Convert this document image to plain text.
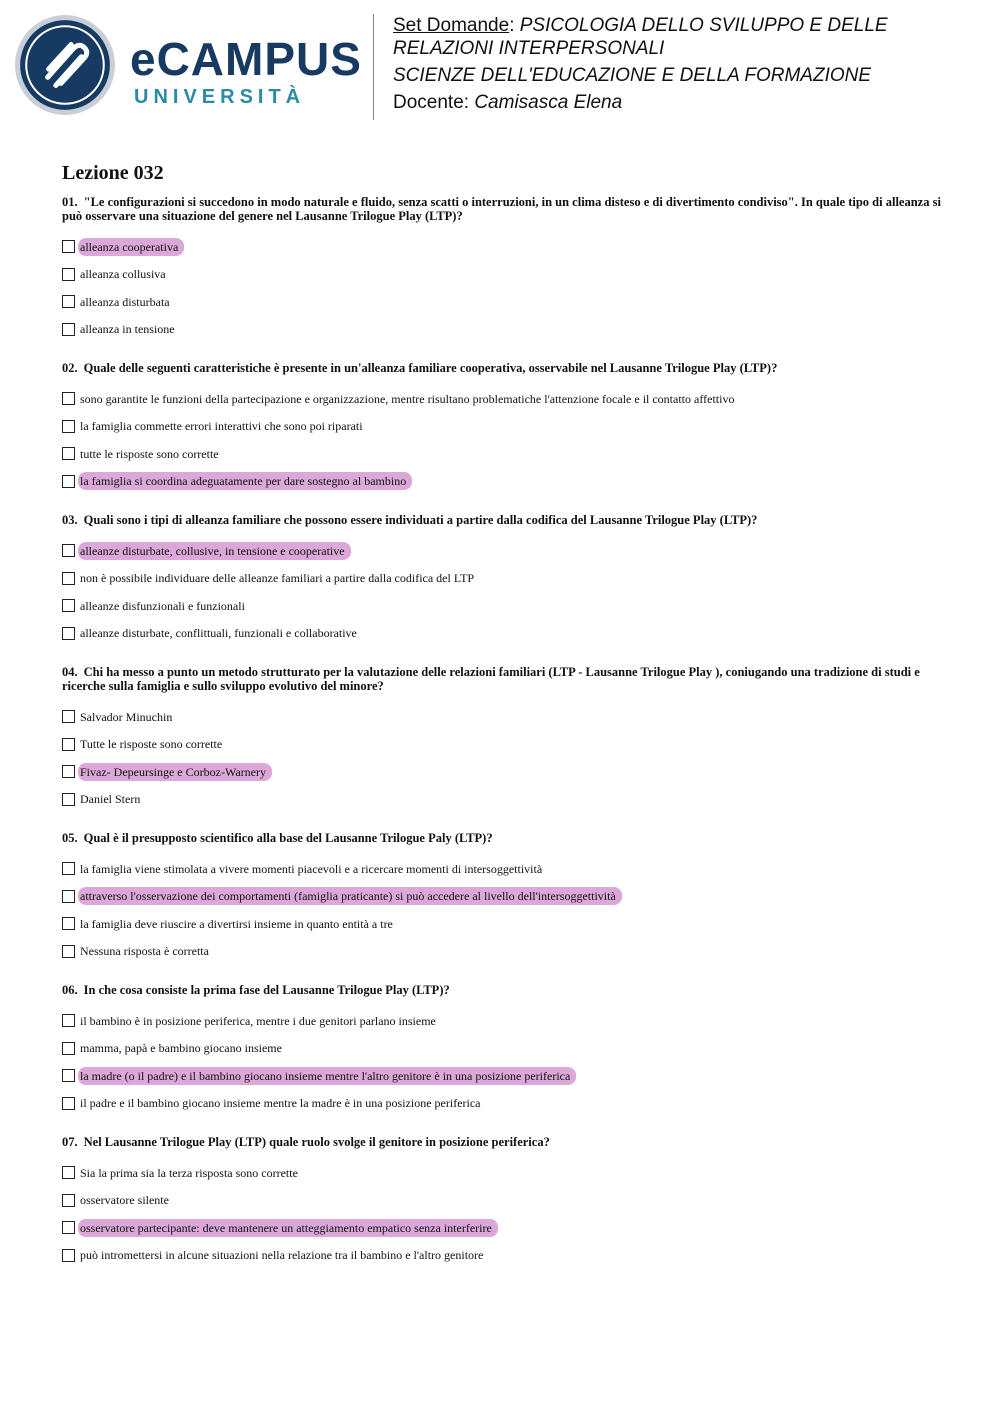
eCAMPUS
UNIVERSITÀ
Set Domande: PSICOLOGIA DELLO SVILUPPO E DELLE RELAZIONI INTERPERSONALI
SCIENZE DELL'EDUCAZIONE E DELLA FORMAZIONE
Docente: Camisasca Elena
Lezione 032
01. "Le configurazioni si succedono in modo naturale e fluido, senza scatti o interruzioni, in un clima disteso e di divertimento condiviso". In quale tipo di alleanza si può osservare una situazione del genere nel Lausanne Trilogue Play (LTP)?
alleanza cooperativa
alleanza collusiva
alleanza disturbata
alleanza in tensione
02. Quale delle seguenti caratteristiche è presente in un'alleanza familiare cooperativa, osservabile nel Lausanne Trilogue Play (LTP)?
sono garantite le funzioni della partecipazione e organizzazione, mentre risultano problematiche l'attenzione focale e il contatto affettivo
la famiglia commette errori interattivi che sono poi riparati
tutte le risposte sono corrette
la famiglia si coordina adeguatamente per dare sostegno al bambino
03. Quali sono i tipi di alleanza familiare che possono essere individuati a partire dalla codifica del Lausanne Trilogue Play (LTP)?
alleanze disturbate, collusive, in tensione e cooperative
non è possibile individuare delle alleanze familiari a partire dalla codifica del LTP
alleanze disfunzionali e funzionali
alleanze disturbate, conflittuali, funzionali e collaborative
04. Chi ha messo a punto un metodo strutturato per la valutazione delle relazioni familiari (LTP - Lausanne Trilogue Play ), coniugando una tradizione di studi e ricerche sulla famiglia e sullo sviluppo evolutivo del minore?
Salvador Minuchin
Tutte le risposte sono corrette
Fivaz- Depeursinge e Corboz-Warnery
Daniel Stern
05. Qual è il presupposto scientifico alla base del Lausanne Trilogue Paly (LTP)?
la famiglia viene stimolata a vivere momenti piacevoli e a ricercare momenti di intersoggettività
attraverso l'osservazione dei comportamenti (famiglia praticante) si può accedere al livello dell'intersoggettività
la famiglia deve riuscire a divertirsi insieme in quanto entità a tre
Nessuna risposta è corretta
06. In che cosa consiste la prima fase del Lausanne Trilogue Play (LTP)?
il bambino è in posizione periferica, mentre i due genitori parlano insieme
mamma, papà e bambino giocano insieme
la madre (o il padre) e il bambino giocano insieme mentre l'altro genitore è in una posizione periferica
il padre e il bambino giocano insieme mentre la madre è in una posizione periferica
07. Nel Lausanne Trilogue Play (LTP) quale ruolo svolge il genitore in posizione periferica?
Sia la prima sia la terza risposta sono corrette
osservatore silente
osservatore partecipante: deve mantenere un atteggiamento empatico senza interferire
può intromettersi in alcune situazioni nella relazione tra il bambino e l'altro genitore
